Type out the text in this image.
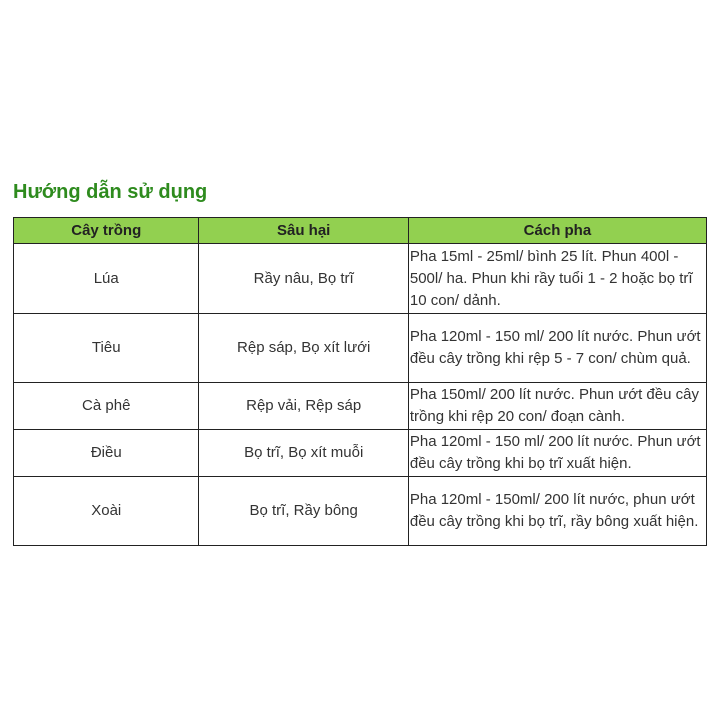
Hướng dẫn sử dụng
Cây trồng	Sâu hại	Cách pha
Lúa	Rầy nâu, Bọ trĩ	Pha 15ml - 25ml/ bình 25 lít. Phun 400l - 500l/ ha. Phun khi rầy tuổi 1 - 2 hoặc bọ trĩ 10 con/ dảnh.
Tiêu	Rệp sáp, Bọ xít lưới	Pha 120ml - 150 ml/ 200 lít nước. Phun ướt đều cây trồng khi rệp 5 - 7 con/ chùm quả.
Cà phê	Rệp vải, Rệp sáp	Pha 150ml/ 200 lít nước. Phun ướt đều cây trồng khi rệp 20 con/ đoạn cành.
Điều	Bọ trĩ, Bọ xít muỗi	Pha 120ml - 150 ml/ 200 lít nước. Phun ướt đều cây trồng khi bọ trĩ xuất hiện.
Xoài	Bọ trĩ, Rầy bông	Pha 120ml - 150ml/ 200 lít nước, phun ướt đều cây trồng khi bọ trĩ, rầy bông xuất hiện.
